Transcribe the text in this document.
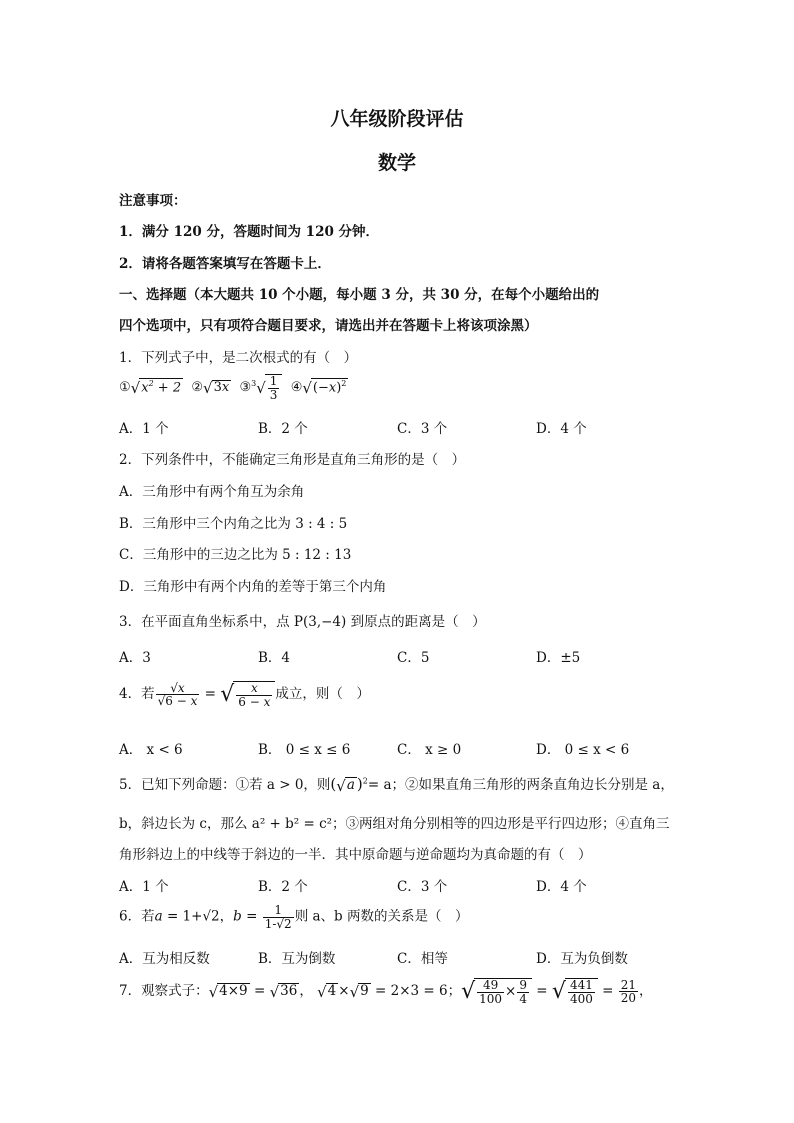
八年级阶段评估
数学
注意事项：
1．满分 120 分，答题时间为 120 分钟．
2．请将各题答案填写在答题卡上．
一、选择题（本大题共 10 个小题，每小题 3 分，共 30 分，在每个小题给出的
四个选项中，只有项符合题目要求，请选出并在答题卡上将该项涂黑）
1．下列式子中，是二次根式的有（　）
$①√x^2 + 2$ ②√3x ③$^3$√ $\frac{1}{3}$ $④√(-x)^2$
A．1 个	B．2 个	C．3 个	D．4 个
2．下列条件中，不能确定三角形是直角三角形的是（　）
A．三角形中有两个角互为余角
B．三角形中三个内角之比为 3 : 4 : 5
C．三角形中的三边之比为 5 : 12 : 13
D．三角形中有两个内角的差等于第三个内角
3．在平面直角坐标系中，点 P(3,−4) 到原点的距离是（　）
A．3	B．4	C．5	D．±5
4．若 $\frac{√x}{√6 - x}$ = √ $\frac{x}{6 - x}$ 成立，则（　）
A． x < 6	B． 0 ≤ x ≤ 6	C． x ≥ 0	D． 0 ≤ x < 6
5．已知下列命题：①若 a > 0，则(√a )$^2$= a；②如果直角三角形的两条直角边长分别是 a，
b，斜边长为 c，那么 a² + b² = c²；③两组对角分别相等的四边形是平行四边形；④直角三
角形斜边上的中线等于斜边的一半．其中原命题与逆命题均为真命题的有（　）
A．1 个	B．2 个	C．3 个	D．4 个
6．若a = 1+√2，$b = \frac{1}{1-√2}$ 则 a、b 两数的关系是（　）
A．互为相反数	B．互为倒数	C．相等	D．互为负倒数
7．观察式子：√4×9 = √36 ， √4 ×√9 = 2×3 = 6；√ $\frac{49}{100} \times \frac{9}{4}$ = √ $\frac{441}{400} = \frac{21}{20}$ ，
